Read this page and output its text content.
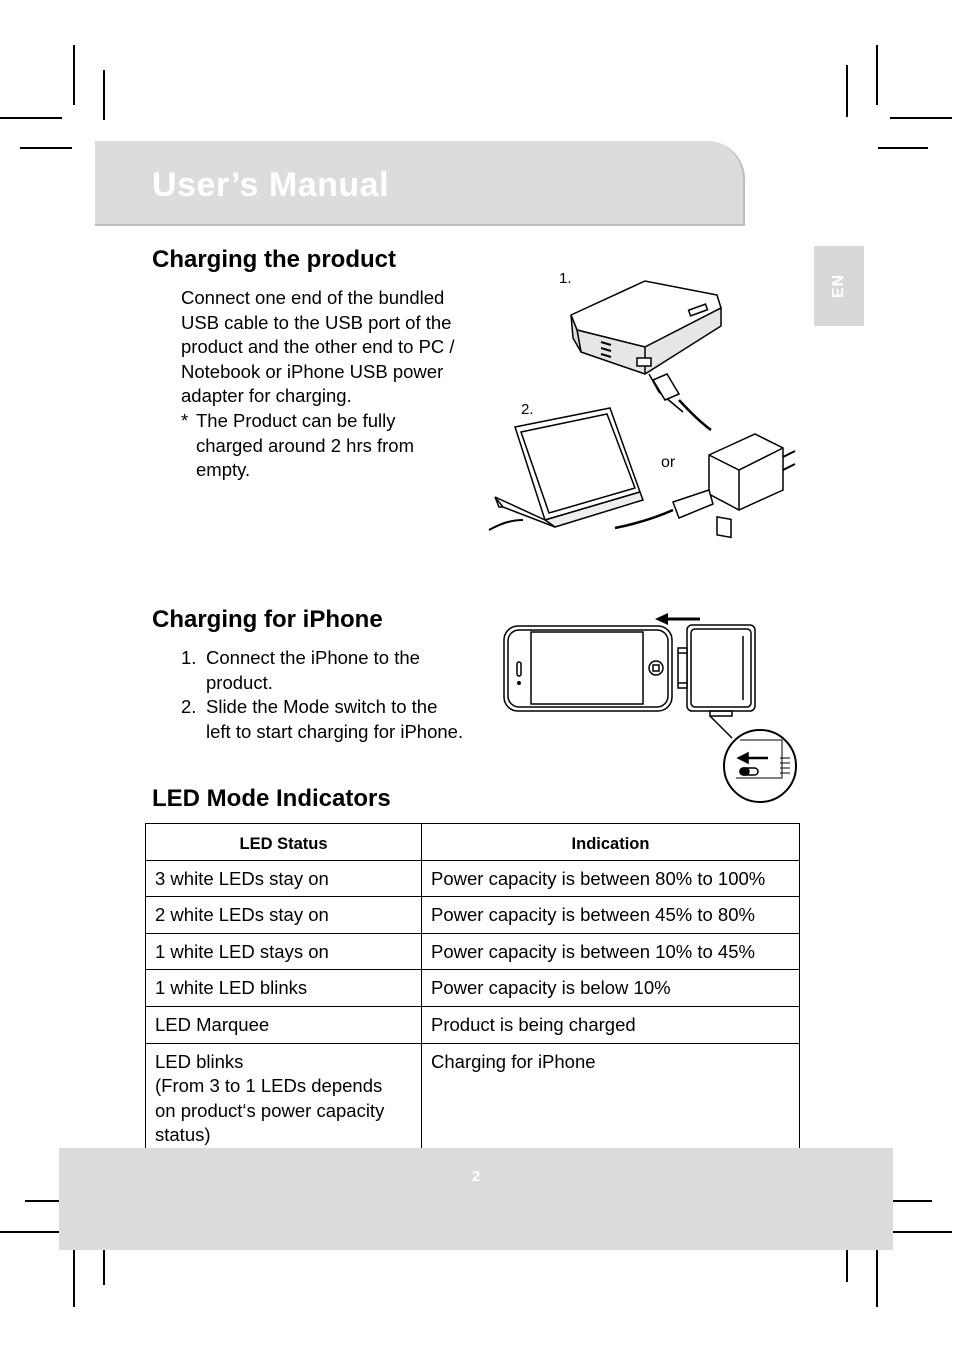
User’s Manual
EN
Charging the product
Connect one end of the bundled
USB cable to the USB port of the
product and the other end to PC /
Notebook or iPhone USB power
adapter for charging.
* The Product can be fully
charged around 2 hrs from
empty.
1.
2.
or
Charging for iPhone
1. Connect the iPhone to the
product.
2. Slide the Mode switch to the
left to start charging for iPhone.
LED Mode Indicators
LED Status	Indication
3 white LEDs stay on	Power capacity is between 80% to 100%
2 white LEDs stay on	Power capacity is between 45% to 80%
1 white LED stays on	Power capacity is between 10% to 45%
1 white LED blinks	Power capacity is below 10%
LED Marquee	Product is being charged

LED blinks
(From 3 to 1 LEDs depends
on product‘s power capacity
status)	Charging for iPhone
2
